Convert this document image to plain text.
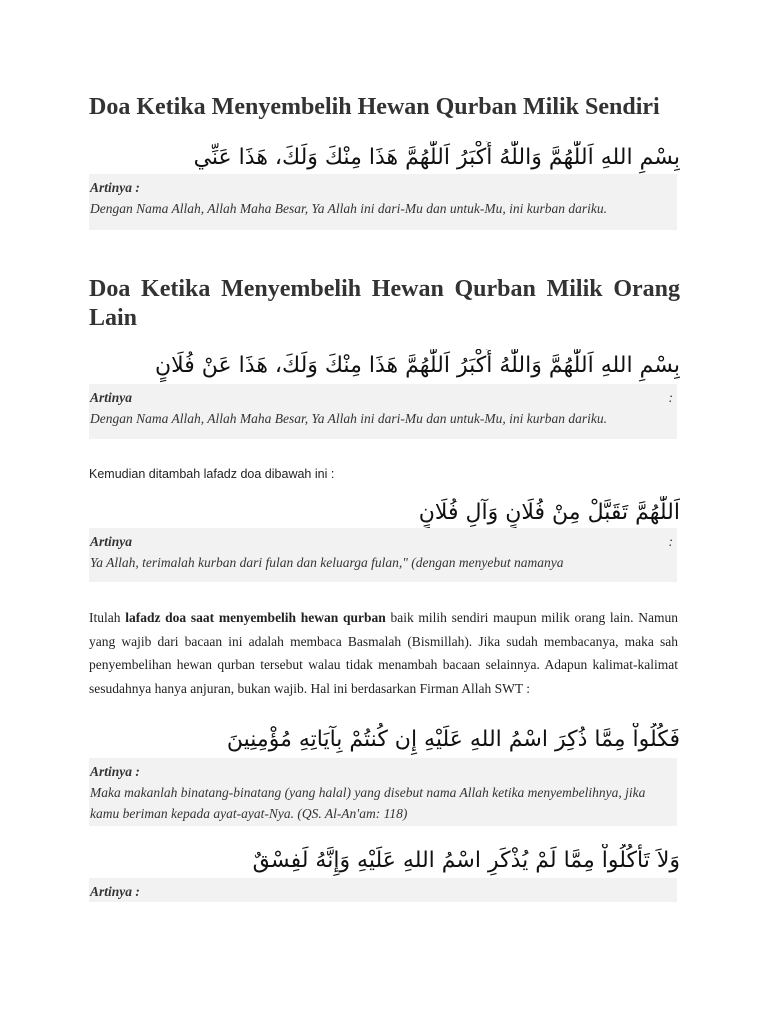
Doa Ketika Menyembelih Hewan Qurban Milik Sendiri
بِسْمِ اللهِ اَللّٰهُمَّ وَاللّٰهُ أَكْبَرُ اَللّٰهُمَّ هَذَا مِنْكَ وَلَكَ، هَذَا عَنِّي
Artinya :
Dengan Nama Allah, Allah Maha Besar, Ya Allah ini dari-Mu dan untuk-Mu, ini kurban dariku.
Doa Ketika Menyembelih Hewan Qurban Milik Orang Lain
بِسْمِ اللهِ اَللّٰهُمَّ وَاللّٰهُ أَكْبَرُ اَللّٰهُمَّ هَذَا مِنْكَ وَلَكَ، هَذَا عَنْ فُلَانٍ
Artinya	:
Dengan Nama Allah, Allah Maha Besar, Ya Allah ini dari-Mu dan untuk-Mu, ini kurban dariku.
Kemudian ditambah lafadz doa dibawah ini :
اَللّٰهُمَّ تَقَبَّلْ مِنْ فُلَانٍ وَآلِ فُلَانٍ
Artinya	:
Ya Allah, terimalah kurban dari fulan dan keluarga fulan," (dengan menyebut namanya

Itulah lafadz doa saat menyembelih hewan qurban baik milih sendiri maupun milik orang lain. Namun yang wajib dari bacaan ini adalah membaca Basmalah (Bismillah). Jika sudah membacanya, maka sah penyembelihan hewan qurban tersebut walau tidak menambah bacaan selainnya. Adapun kalimat-kalimat sesudahnya hanya anjuran, bukan wajib. Hal ini berdasarkan Firman Allah SWT :

فَكُلُواْ مِمَّا ذُكِرَ اسْمُ اللهِ عَلَيْهِ إِن كُنتُمْ بِآيَاتِهِ مُؤْمِنِينَ
Artinya :
Maka makanlah binatang-binatang (yang halal) yang disebut nama Allah ketika menyembelihnya, jika kamu beriman kepada ayat-ayat-Nya. (QS. Al-An'am: 118)
وَلاَ تَأْكُلُواْ مِمَّا لَمْ يُذْكَرِ اسْمُ اللهِ عَلَيْهِ وَإِنَّهُ لَفِسْقٌ
Artinya :
